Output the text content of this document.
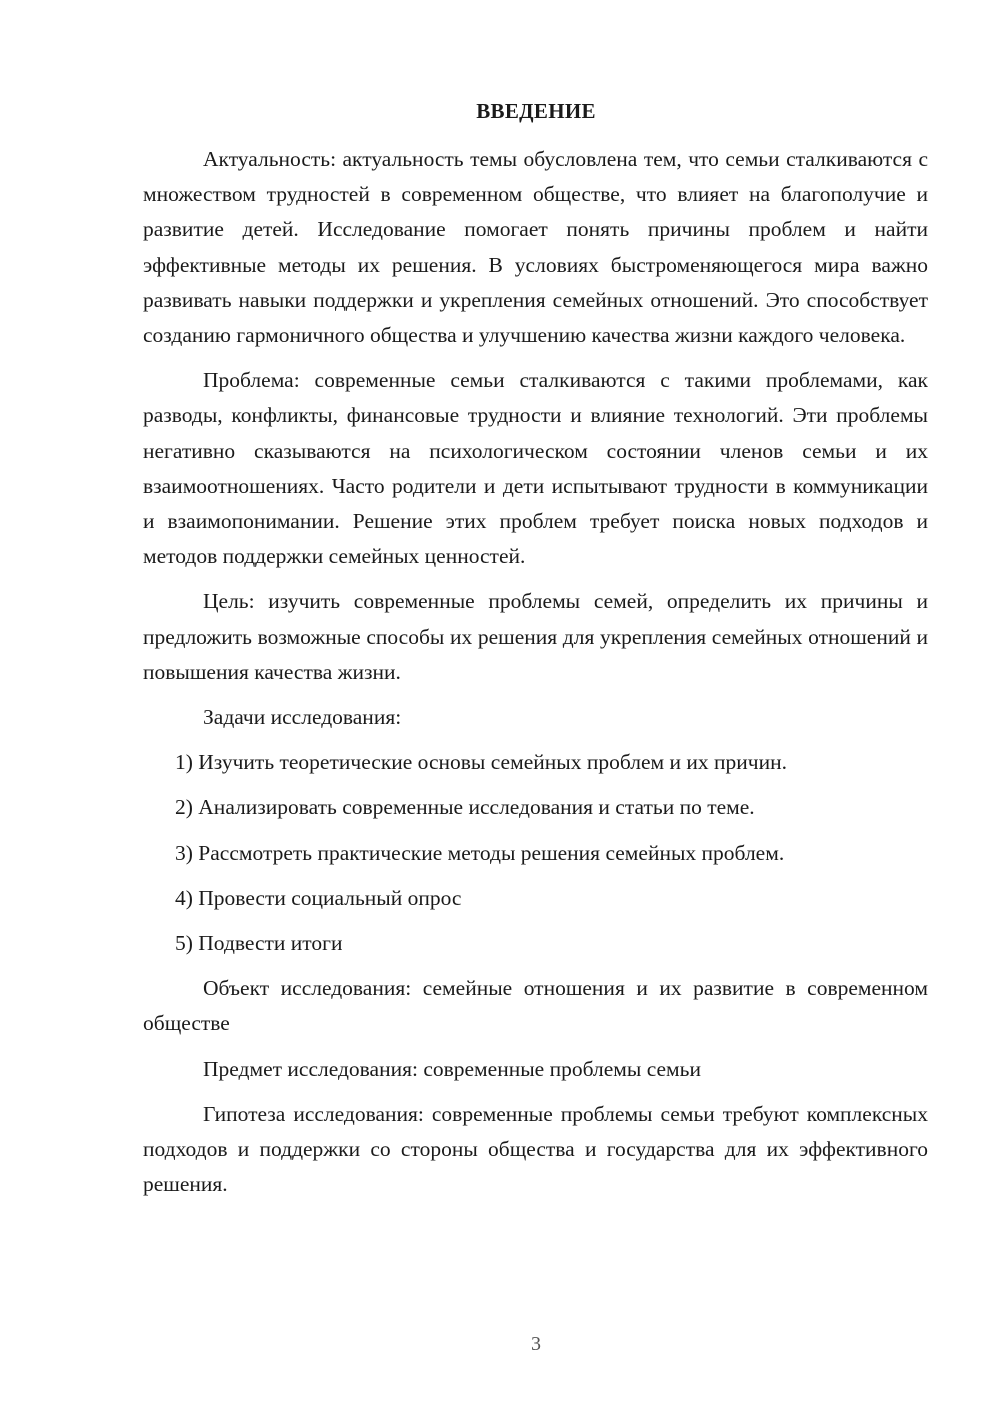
ВВЕДЕНИЕ

Актуальность: актуальность темы обусловлена тем, что семьи сталкиваются с множеством трудностей в современном обществе, что влияет на благополучие и развитие детей. Исследование помогает понять причины проблем и найти эффективные методы их решения. В условиях быстроменяющегося мира важно развивать навыки поддержки и укрепления семейных отношений. Это способствует созданию гармоничного общества и улучшению качества жизни каждого человека.

Проблема: современные семьи сталкиваются с такими проблемами, как разводы, конфликты, финансовые трудности и влияние технологий. Эти проблемы негативно сказываются на психологическом состоянии членов семьи и их взаимоотношениях. Часто родители и дети испытывают трудности в коммуникации и взаимопонимании. Решение этих проблем требует поиска новых подходов и методов поддержки семейных ценностей.

Цель: изучить современные проблемы семей, определить их причины и предложить возможные способы их решения для укрепления семейных отношений и повышения качества жизни.

Задачи исследования:

1) Изучить теоретические основы семейных проблем и их причин.

2) Анализировать современные исследования и статьи по теме.

3) Рассмотреть практические методы решения семейных проблем.

4) Провести социальный опрос

5) Подвести итоги

Объект исследования: семейные отношения и их развитие в современном обществе

Предмет исследования: современные проблемы семьи

Гипотеза исследования: современные проблемы семьи требуют комплексных подходов и поддержки со стороны общества и государства для их эффективного решения.

3
